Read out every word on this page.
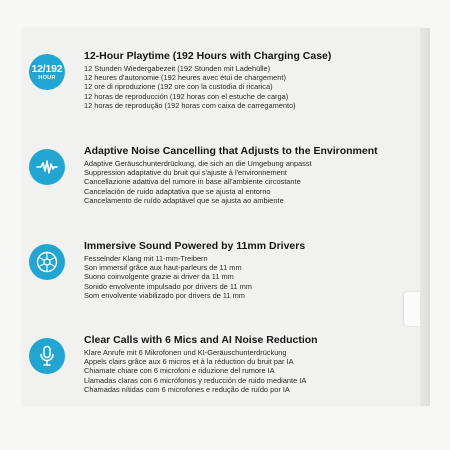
12/192
HOUR
12-Hour Playtime (192 Hours with Charging Case)
12 Stunden Wiedergabezeit (192 Stunden mit Ladehülle)
12 heures d'autonomie (192 heures avec étui de chargement)
12 ore di riproduzione (192 ore con la custodia di ricarica)
12 horas de reproducción (192 horas con el estuche de carga)
12 horas de reprodução (192 horas com caixa de carregamento)
Adaptive Noise Cancelling that Adjusts to the Environment
Adaptive Geräuschunterdrückung, die sich an die Umgebung anpasst
Suppression adaptative du bruit qui s'ajuste à l'environnement
Cancellazione adattiva del rumore in base all'ambiente circostante
Cancelación de ruido adaptativa que se ajusta al entorno
Cancelamento de ruído adaptável que se ajusta ao ambiente
Immersive Sound Powered by 11mm Drivers
Fesselnder Klang mit 11-mm-Treibern
Son immersif grâce aux haut-parleurs de 11 mm
Suono coinvolgente grazie ai driver da 11 mm
Sonido envolvente impulsado por drivers de 11 mm
Som envolvente viabilizado por drivers de 11 mm
Clear Calls with 6 Mics and AI Noise Reduction
Klare Anrufe mit 6 Mikrofonen und KI-Geräuschunterdrückung
Appels clairs grâce aux 6 micros et à la réduction du bruit par IA
Chiamate chiare con 6 microfoni e riduzione del rumore IA
Llamadas claras con 6 micrófonos y reducción de ruido mediante IA
Chamadas nítidas com 6 microfones e redução de ruído por IA
